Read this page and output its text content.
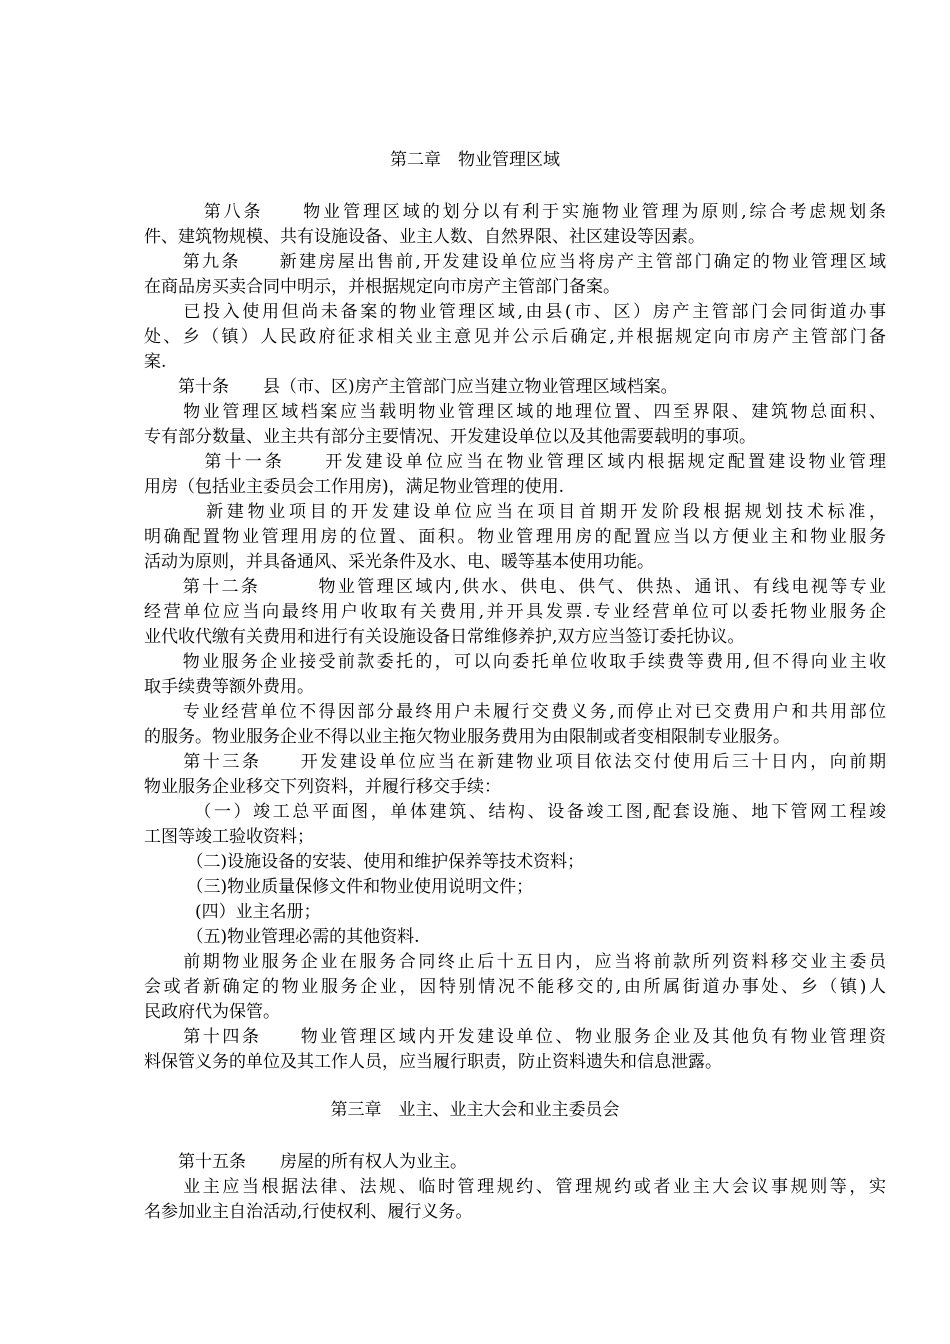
第二章　物业管理区域
　　　第八条　　物业管理区域的划分以有利于实施物业管理为原则,综合考虑规划条
件、建筑物规模、共有设施设备、业主人数、自然界限、社区建设等因素。
　　第九条　　新建房屋出售前,开发建设单位应当将房产主管部门确定的物业管理区域
在商品房买卖合同中明示，并根据规定向市房产主管部门备案。
　　已投入使用但尚未备案的物业管理区域,由县(市、区）房产主管部门会同街道办事
处、乡（镇）人民政府征求相关业主意见并公示后确定,并根据规定向市房产主管部门备
案.
　　第十条　　县（市、区)房产主管部门应当建立物业管理区域档案。
　　物业管理区域档案应当载明物业管理区域的地理位置、四至界限、建筑物总面积、
专有部分数量、业主共有部分主要情况、开发建设单位以及其他需要载明的事项。
　　　第十一条　　开发建设单位应当在物业管理区域内根据规定配置建设物业管理
用房（包括业主委员会工作用房)，满足物业管理的使用.
　　　新建物业项目的开发建设单位应当在项目首期开发阶段根据规划技术标准，
明确配置物业管理用房的位置、面积。物业管理用房的配置应当以方便业主和物业服务
活动为原则，并具备通风、采光条件及水、电、暖等基本使用功能。
　　第十二条　　　物业管理区域内,供水、供电、供气、供热、通讯、有线电视等专业
经营单位应当向最终用户收取有关费用,并开具发票.专业经营单位可以委托物业服务企
业代收代缴有关费用和进行有关设施设备日常维修养护,双方应当签订委托协议。
　　物业服务企业接受前款委托的，可以向委托单位收取手续费等费用,但不得向业主收
取手续费等额外费用。
　　专业经营单位不得因部分最终用户未履行交费义务,而停止对已交费用户和共用部位
的服务。物业服务企业不得以业主拖欠物业服务费用为由限制或者变相限制专业服务。
　　第十三条　　开发建设单位应当在新建物业项目依法交付使用后三十日内，向前期
物业服务企业移交下列资料，并履行移交手续：
　　　（一）竣工总平面图，单体建筑、结构、设备竣工图,配套设施、地下管网工程竣
工图等竣工验收资料；
　　　（二)设施设备的安装、使用和维护保养等技术资料；
　　　（三)物业质量保修文件和物业使用说明文件；
　　　(四）业主名册；
　　　（五)物业管理必需的其他资料.
　　前期物业服务企业在服务合同终止后十五日内，应当将前款所列资料移交业主委员
会或者新确定的物业服务企业，因特别情况不能移交的,由所属街道办事处、乡（镇)人
民政府代为保管。
　　第十四条　　物业管理区域内开发建设单位、物业服务企业及其他负有物业管理资
料保管义务的单位及其工作人员，应当履行职责，防止资料遗失和信息泄露。
第三章　业主、业主大会和业主委员会
　　第十五条　　房屋的所有权人为业主。
　　业主应当根据法律、法规、临时管理规约、管理规约或者业主大会议事规则等，实
名参加业主自治活动,行使权利、履行义务。
